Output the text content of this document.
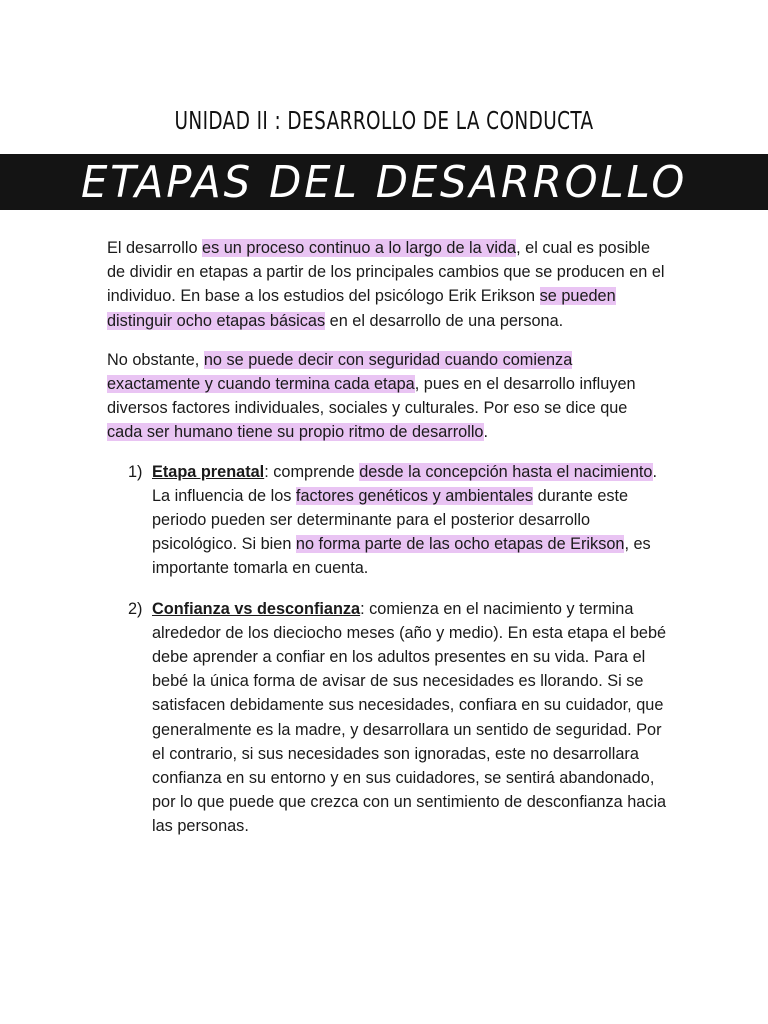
UNIDAD II : DESARROLLO DE LA CONDUCTA
ETAPAS DEL DESARROLLO

El desarrollo es un proceso continuo a lo largo de la vida, el cual es posible de dividir en etapas a partir de los principales cambios que se producen en el individuo. En base a los estudios del psicólogo Erik Erikson se pueden distinguir ocho etapas básicas en el desarrollo de una persona.

No obstante, no se puede decir con seguridad cuando comienza exactamente y cuando termina cada etapa, pues en el desarrollo influyen diversos factores individuales, sociales y culturales. Por eso se dice que cada ser humano tiene su propio ritmo de desarrollo.

1) Etapa prenatal: comprende desde la concepción hasta el nacimiento. La influencia de los factores genéticos y ambientales durante este periodo pueden ser determinante para el posterior desarrollo psicológico. Si bien no forma parte de las ocho etapas de Erikson, es importante tomarla en cuenta.
2) Confianza vs desconfianza: comienza en el nacimiento y termina alrededor de los dieciocho meses (año y medio). En esta etapa el bebé debe aprender a confiar en los adultos presentes en su vida. Para el bebé la única forma de avisar de sus necesidades es llorando. Si se satisfacen debidamente sus necesidades, confiara en su cuidador, que generalmente es la madre, y desarrollara un sentido de seguridad. Por el contrario, si sus necesidades son ignoradas, este no desarrollara confianza en su entorno y en sus cuidadores, se sentirá abandonado, por lo que puede que crezca con un sentimiento de desconfianza hacia las personas.
